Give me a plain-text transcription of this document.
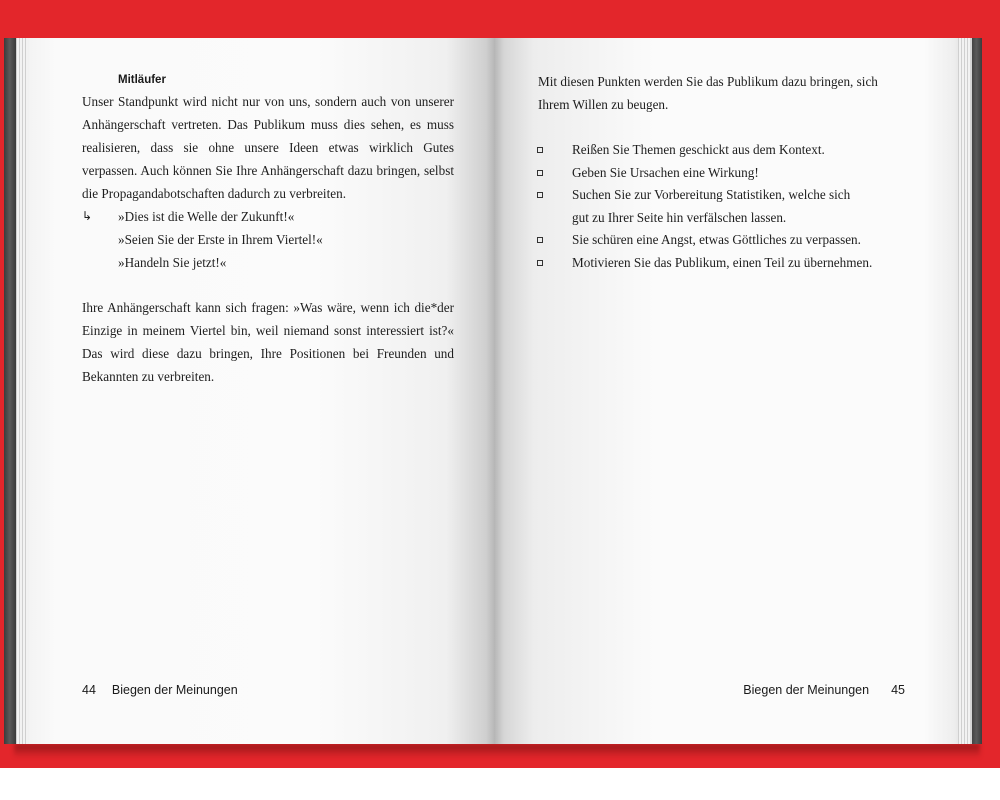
Mitläufer
Unser Standpunkt wird nicht nur von uns, sondern auch von unserer Anhängerschaft vertreten. Das Publikum muss dies sehen, es muss realisieren, dass sie ohne unsere Ideen etwas wirklich Gutes verpassen. Auch können Sie Ihre Anhängerschaft dazu bringen, selbst die Propagandabotschaften dadurch zu verbreiten.
↳	»Dies ist die Welle der Zukunft!«
»Seien Sie der Erste in Ihrem Viertel!«
»Handeln Sie jetzt!«
Ihre Anhängerschaft kann sich fragen: »Was wäre, wenn ich die*der Einzige in meinem Viertel bin, weil niemand sonst interessiert ist?« Das wird diese dazu bringen, Ihre Positionen bei Freunden und Bekannten zu verbreiten.
44 Biegen der Meinungen
Mit diesen Punkten werden Sie das Publikum dazu bringen, sich Ihrem Willen zu beugen.
Reißen Sie Themen geschickt aus dem Kontext.
Geben Sie Ursachen eine Wirkung!
Suchen Sie zur Vorbereitung Statistiken, welche sich gut zu Ihrer Seite hin verfälschen lassen.
Sie schüren eine Angst, etwas Göttliches zu verpassen.
Motivieren Sie das Publikum, einen Teil zu übernehmen.
Biegen der Meinungen 45
